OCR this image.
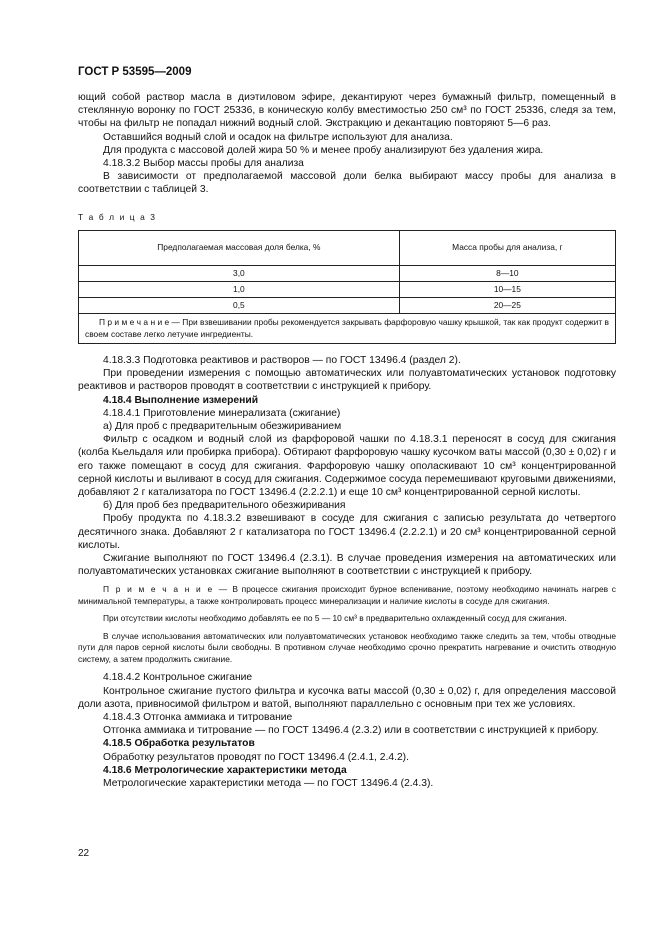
ГОСТ Р 53595—2009

ющий собой раствор масла в диэтиловом эфире, декантируют через бумажный фильтр, помещенный в стеклянную воронку по ГОСТ 25336, в коническую колбу вместимостью 250 см³ по ГОСТ 25336, следя за тем, чтобы на фильтр не попадал нижний водный слой. Экстракцию и декантацию повторяют 5—6 раз.

Оставшийся водный слой и осадок на фильтре используют для анализа.

Для продукта с массовой долей жира 50 % и менее пробу анализируют без удаления жира.

4.18.3.2 Выбор массы пробы для анализа

В зависимости от предполагаемой массовой доли белка выбирают массу пробы для анализа в соответствии с таблицей 3.

Т а б л и ц а 3

Предполагаемая массовая доля белка, %	Масса пробы для анализа, г
3,0	8—10
1,0	10—15
0,5	20—25
П р и м е ч а н и е — При взвешивании пробы рекомендуется закрывать фарфоровую чашку крышкой, так как продукт содержит в своем составе легко летучие ингредиенты.	

4.18.3.3 Подготовка реактивов и растворов — по ГОСТ 13496.4 (раздел 2).

При проведении измерения с помощью автоматических или полуавтоматических установок подготовку реактивов и растворов проводят в соответствии с инструкцией к прибору.

4.18.4 Выполнение измерений

4.18.4.1 Приготовление минерализата (сжигание)

а) Для проб с предварительным обезжириванием

Фильтр с осадком и водный слой из фарфоровой чашки по 4.18.3.1 переносят в сосуд для сжигания (колба Кьельдаля или пробирка прибора). Обтирают фарфоровую чашку кусочком ваты массой (0,30 ± 0,02) г и его также помещают в сосуд для сжигания. Фарфоровую чашку ополаскивают 10 см³ концентрированной серной кислоты и выливают в сосуд для сжигания. Содержимое сосуда перемешивают круговыми движениями, добавляют 2 г катализатора по ГОСТ 13496.4 (2.2.2.1) и еще 10 см³ концентрированной серной кислоты.

б) Для проб без предварительного обезжиривания

Пробу продукта по 4.18.3.2 взвешивают в сосуде для сжигания с записью результата до четвертого десятичного знака. Добавляют 2 г катализатора по ГОСТ 13496.4 (2.2.2.1) и 20 см³ концентрированной серной кислоты.

Сжигание выполняют по ГОСТ 13496.4 (2.3.1). В случае проведения измерения на автоматических или полуавтоматических установках сжигание выполняют в соответствии с инструкцией к прибору.

П р и м е ч а н и е — В процессе сжигания происходит бурное вспенивание, поэтому необходимо начинать нагрев с минимальной температуры, а также контролировать процесс минерализации и наличие кислоты в сосуде для сжигания.

При отсутствии кислоты необходимо добавлять ее по 5 — 10 см³ в предварительно охлажденный сосуд для сжигания.

В случае использования автоматических или полуавтоматических установок необходимо также следить за тем, чтобы отводные пути для паров серной кислоты были свободны. В противном случае необходимо срочно прекратить нагревание и очистить отводную систему, а затем продолжить сжигание.

4.18.4.2 Контрольное сжигание

Контрольное сжигание пустого фильтра и кусочка ваты массой (0,30 ± 0,02) г, для определения массовой доли азота, привносимой фильтром и ватой, выполняют параллельно с основным при тех же условиях.

4.18.4.3 Отгонка аммиака и титрование

Отгонка аммиака и титрование — по ГОСТ 13496.4 (2.3.2) или в соответствии с инструкцией к прибору.

4.18.5 Обработка результатов

Обработку результатов проводят по ГОСТ 13496.4 (2.4.1, 2.4.2).

4.18.6 Метрологические характеристики метода

Метрологические характеристики метода — по ГОСТ 13496.4 (2.4.3).

22
